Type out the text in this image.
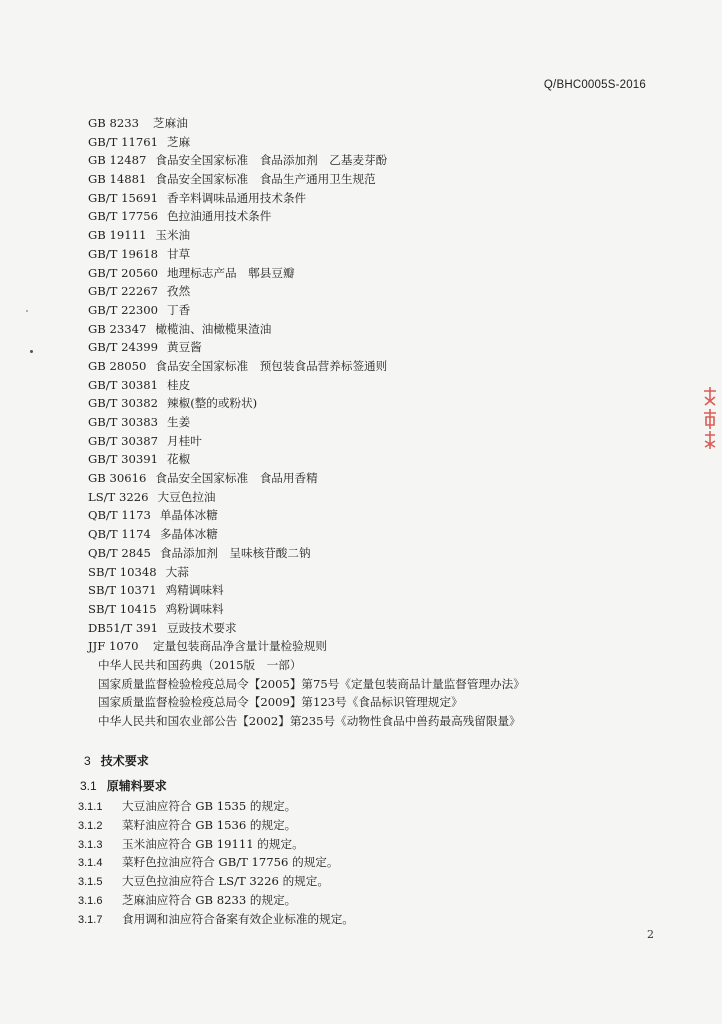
Q/BHC0005S-2016
GB 8233 芝麻油
GB/T 11761 芝麻
GB 12487 食品安全国家标准　食品添加剂　乙基麦芽酚
GB 14881 食品安全国家标准　食品生产通用卫生规范
GB/T 15691 香辛料调味品通用技术条件
GB/T 17756 色拉油通用技术条件
GB 19111 玉米油
GB/T 19618 甘草
GB/T 20560 地理标志产品　郫县豆瓣
GB/T 22267 孜然
GB/T 22300 丁香
GB 23347 橄榄油、油橄榄果渣油
GB/T 24399 黄豆酱
GB 28050 食品安全国家标准　预包装食品营养标签通则
GB/T 30381 桂皮
GB/T 30382 辣椒(整的或粉状)
GB/T 30383 生姜
GB/T 30387 月桂叶
GB/T 30391 花椒
GB 30616 食品安全国家标准　食品用香精
LS/T 3226 大豆色拉油
QB/T 1173 单晶体冰糖
QB/T 1174 多晶体冰糖
QB/T 2845 食品添加剂　呈味核苷酸二钠
SB/T 10348 大蒜
SB/T 10371 鸡精调味料
SB/T 10415 鸡粉调味料
DB51/T 391 豆豉技术要求
JJF 1070 定量包装商品净含量计量检验规则
中华人民共和国药典（2015版　一部）
国家质量监督检验检疫总局令【2005】第75号《定量包装商品计量监督管理办法》
国家质量监督检验检疫总局令【2009】第123号《食品标识管理规定》
中华人民共和国农业部公告【2002】第235号《动物性食品中兽药最高残留限量》
3 技术要求
3.1 原辅料要求
3.1.1 大豆油应符合 GB 1535 的规定。
3.1.2 菜籽油应符合 GB 1536 的规定。
3.1.3 玉米油应符合 GB 19111 的规定。
3.1.4 菜籽色拉油应符合 GB/T 17756 的规定。
3.1.5 大豆色拉油应符合 LS/T 3226 的规定。
3.1.6 芝麻油应符合 GB 8233 的规定。
3.1.7 食用调和油应符合备案有效企业标准的规定。
2
